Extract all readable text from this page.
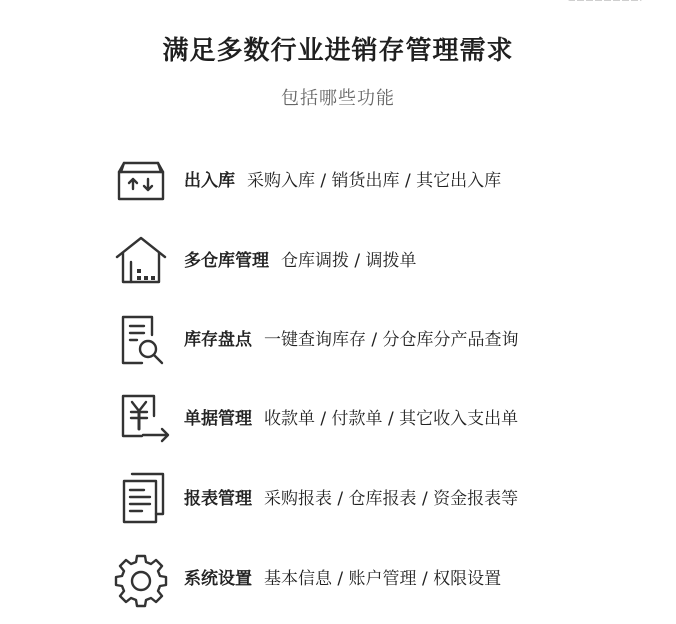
满足多数行业进销存管理需求
包括哪些功能
出入库 采购入库 / 销货出库 / 其它出入库
多仓库管理 仓库调拨 / 调拨单
库存盘点 一键查询库存 / 分仓库分产品查询
单据管理 收款单 / 付款单 / 其它收入支出单
报表管理 采购报表 / 仓库报表 / 资金报表等
系统设置 基本信息 / 账户管理 / 权限设置
